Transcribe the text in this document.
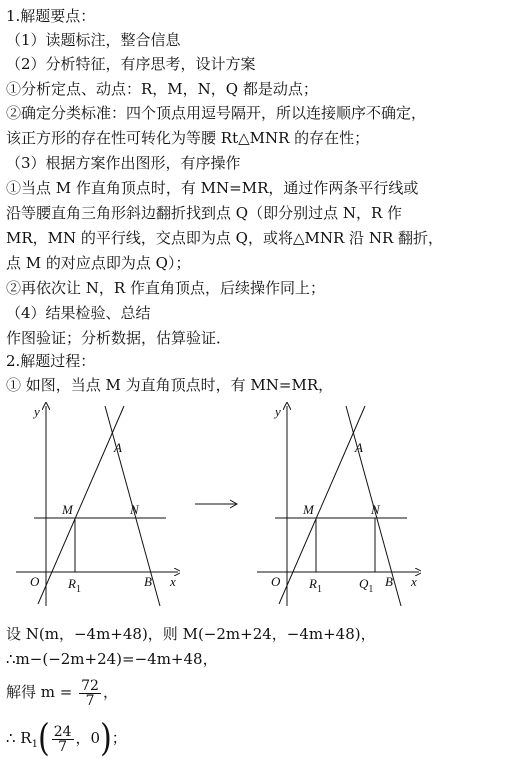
1.解题要点：
（1）读题标注，整合信息
（2）分析特征，有序思考，设计方案
①分析定点、动点：R，M，N，Q 都是动点；
②确定分类标准：四个顶点用逗号隔开，所以连接顺序不确定，
该正方形的存在性可转化为等腰 Rt△MNR 的存在性；
（3）根据方案作出图形，有序操作
①当点 M 作直角顶点时，有 MN=MR，通过作两条平行线或
沿等腰直角三角形斜边翻折找到点 Q（即分别过点 N，R 作
MR，MN 的平行线，交点即为点 Q，或将△MNR 沿 NR 翻折，
点 M 的对应点即为点 Q）；
②再依次让 N，R 作直角顶点，后续操作同上；
（4）结果检验、总结
作图验证；分析数据，估算验证．
2.解题过程：
① 如图，当点 M 为直角顶点时，有 MN=MR，
y
x
O
A
M	N
$R_1$
B
y
x
O
A
M	N
$R_1$	$Q_1$
B
设 N(m，−4m+48)，则 M(−2m+24，−4m+48)，
∴m−(−2m+24)=−4m+48，
解得 $m = \frac{72}{7}$ ，
∴ $R_1( \frac{24}{7}$ ，0)；
